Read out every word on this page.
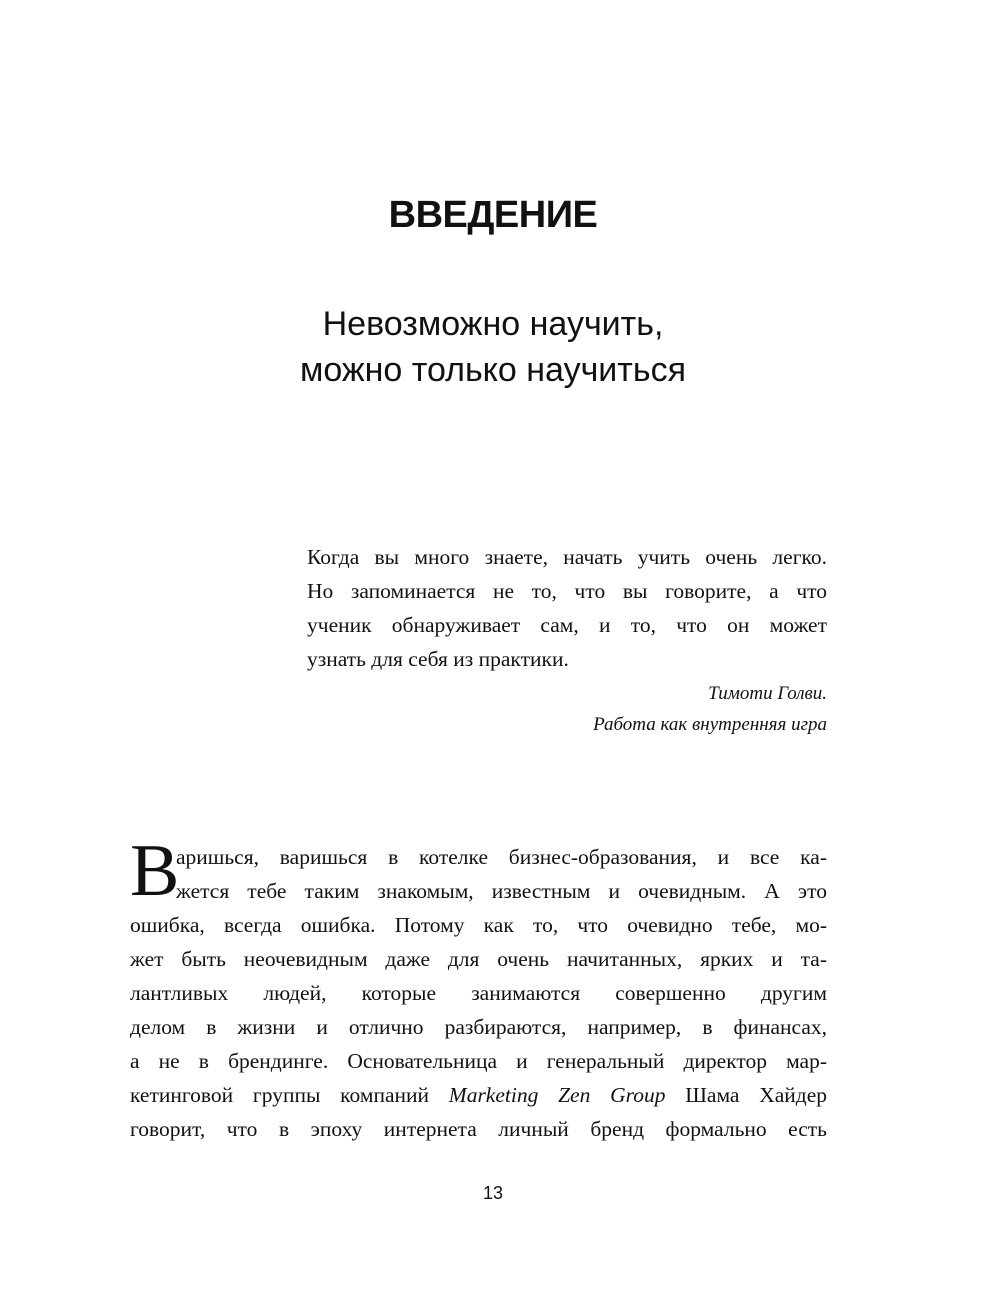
ВВЕДЕНИЕ
Невозможно научить,
можно только научиться
Когда вы много знаете, начать учить очень легко.
Но запоминается не то, что вы говорите, а что
ученик обнаруживает сам, и то, что он может
узнать для себя из практики.
Тимоти Голви.
Работа как внутренняя игра
В
аришься, варишься в котелке бизнес-образования, и все ка-
жется тебе таким знакомым, известным и очевидным. А это
ошибка, всегда ошибка. Потому как то, что очевидно тебе, мо-
жет быть неочевидным даже для очень начитанных, ярких и та-
лантливых людей, которые занимаются совершенно другим
делом в жизни и отлично разбираются, например, в финансах,
а не в брендинге. Основательница и генеральный директор мар-
кетинговой группы компаний Marketing Zen Group Шама Хайдер
говорит, что в эпоху интернета личный бренд формально есть
13
